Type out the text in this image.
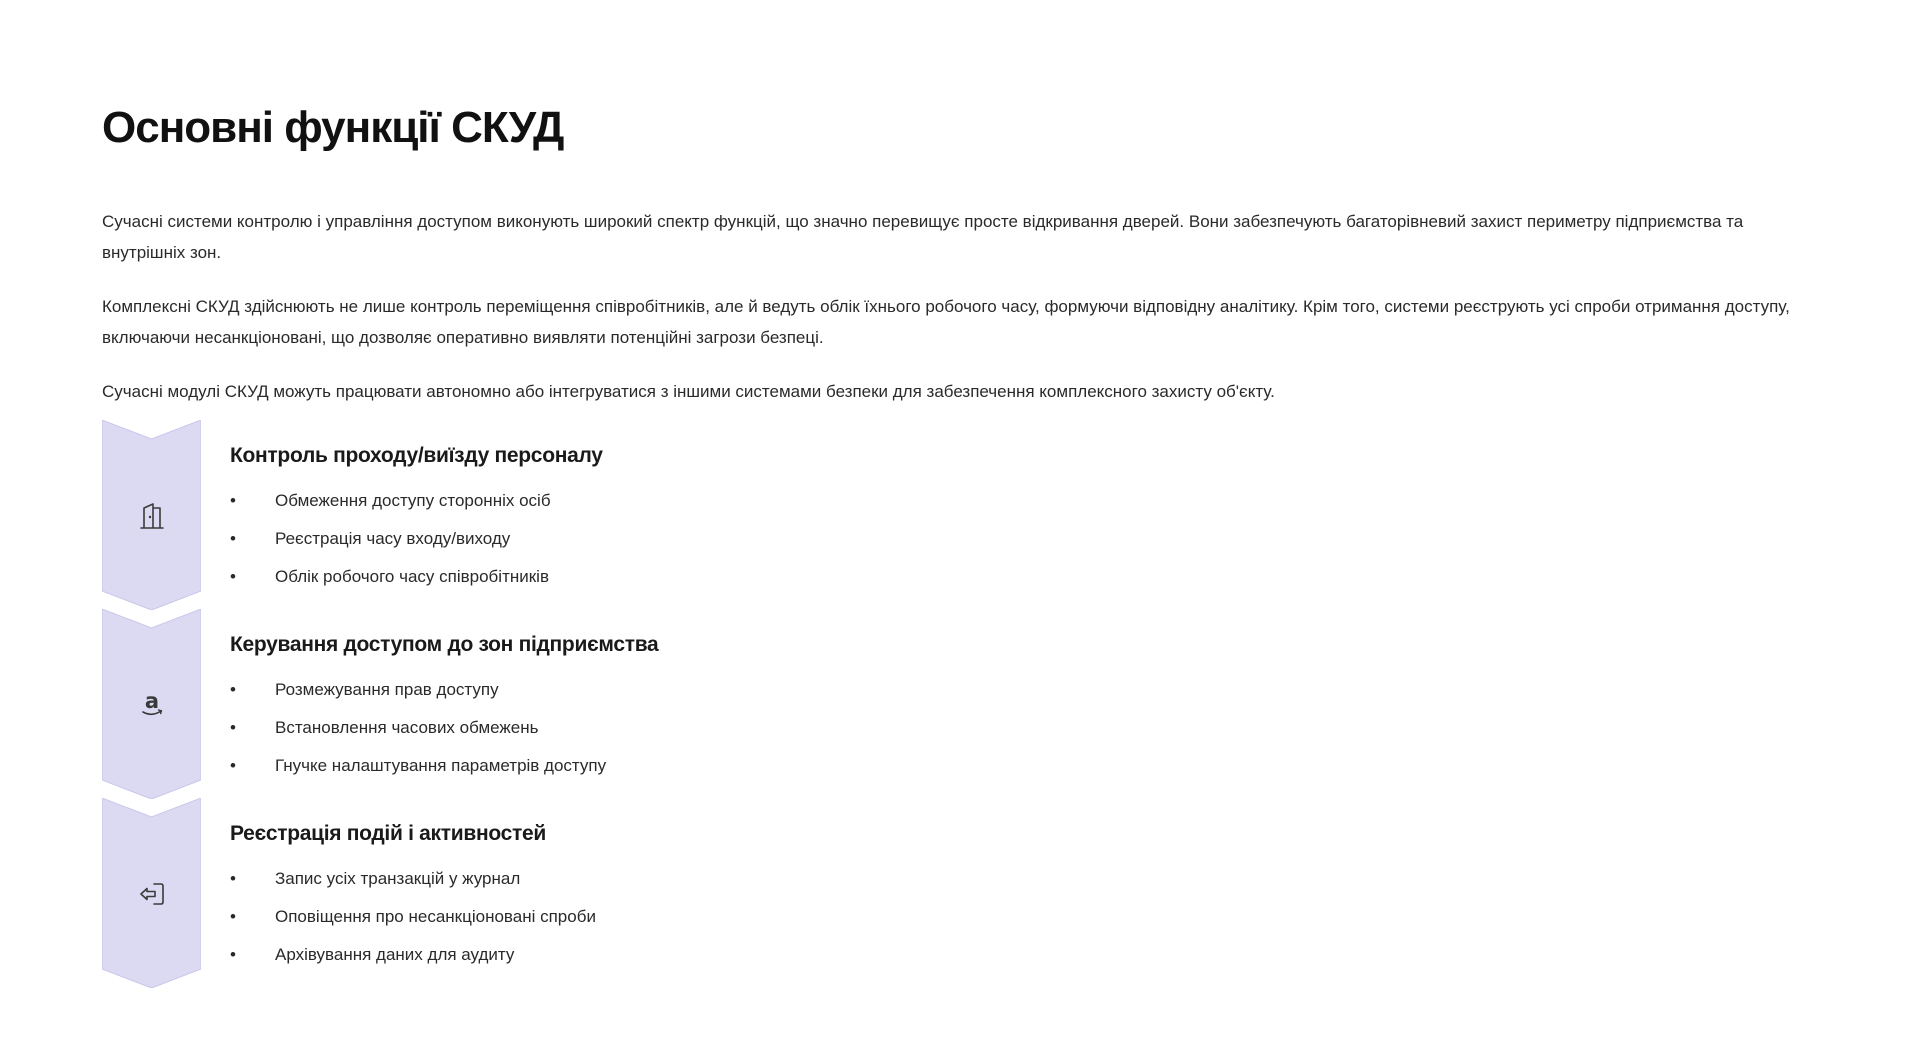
Основні функції СКУД

Сучасні системи контролю і управління доступом виконують широкий спектр функцій, що значно перевищує просте відкривання дверей. Вони забезпечують багаторівневий захист периметру підприємства та внутрішніх зон.

Комплексні СКУД здійснюють не лише контроль переміщення співробітників, але й ведуть облік їхнього робочого часу, формуючи відповідну аналітику. Крім того, системи реєструють усі спроби отримання доступу, включаючи несанкціоновані, що дозволяє оперативно виявляти потенційні загрози безпеці.

Сучасні модулі СКУД можуть працювати автономно або інтегруватися з іншими системами безпеки для забезпечення комплексного захисту об'єкту.

Контроль проходу/виїзду персоналу
• Обмеження доступу сторонніх осіб
• Реєстрація часу входу/виходу
• Облік робочого часу співробітників
a
Керування доступом до зон підприємства
• Розмежування прав доступу
• Встановлення часових обмежень
• Гнучке налаштування параметрів доступу
Реєстрація подій і активностей
• Запис усіх транзакцій у журнал
• Оповіщення про несанкціоновані спроби
• Архівування даних для аудиту
